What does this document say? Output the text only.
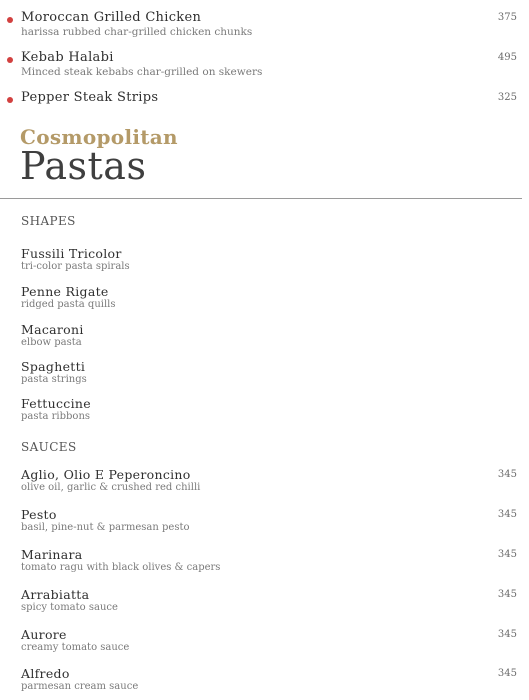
Moroccan Grilled Chicken
harissa rubbed char-grilled chicken chunks
375
Kebab Halabi
Minced steak kebabs char-grilled on skewers
495
Pepper Steak Strips	325
Cosmopolitan
Pastas
SHAPES
Fussili Tricolor
tri-color pasta spirals
Penne Rigate
ridged pasta quills
Macaroni
elbow pasta
Spaghetti
pasta strings
Fettuccine
pasta ribbons
SAUCES
Aglio, Olio E Peperoncino
olive oil, garlic & crushed red chilli
345
Pesto
basil, pine-nut & parmesan pesto
345
Marinara
tomato ragu with black olives & capers
345
Arrabiatta
spicy tomato sauce
345
Aurore
creamy tomato sauce
345
Alfredo
parmesan cream sauce
345
